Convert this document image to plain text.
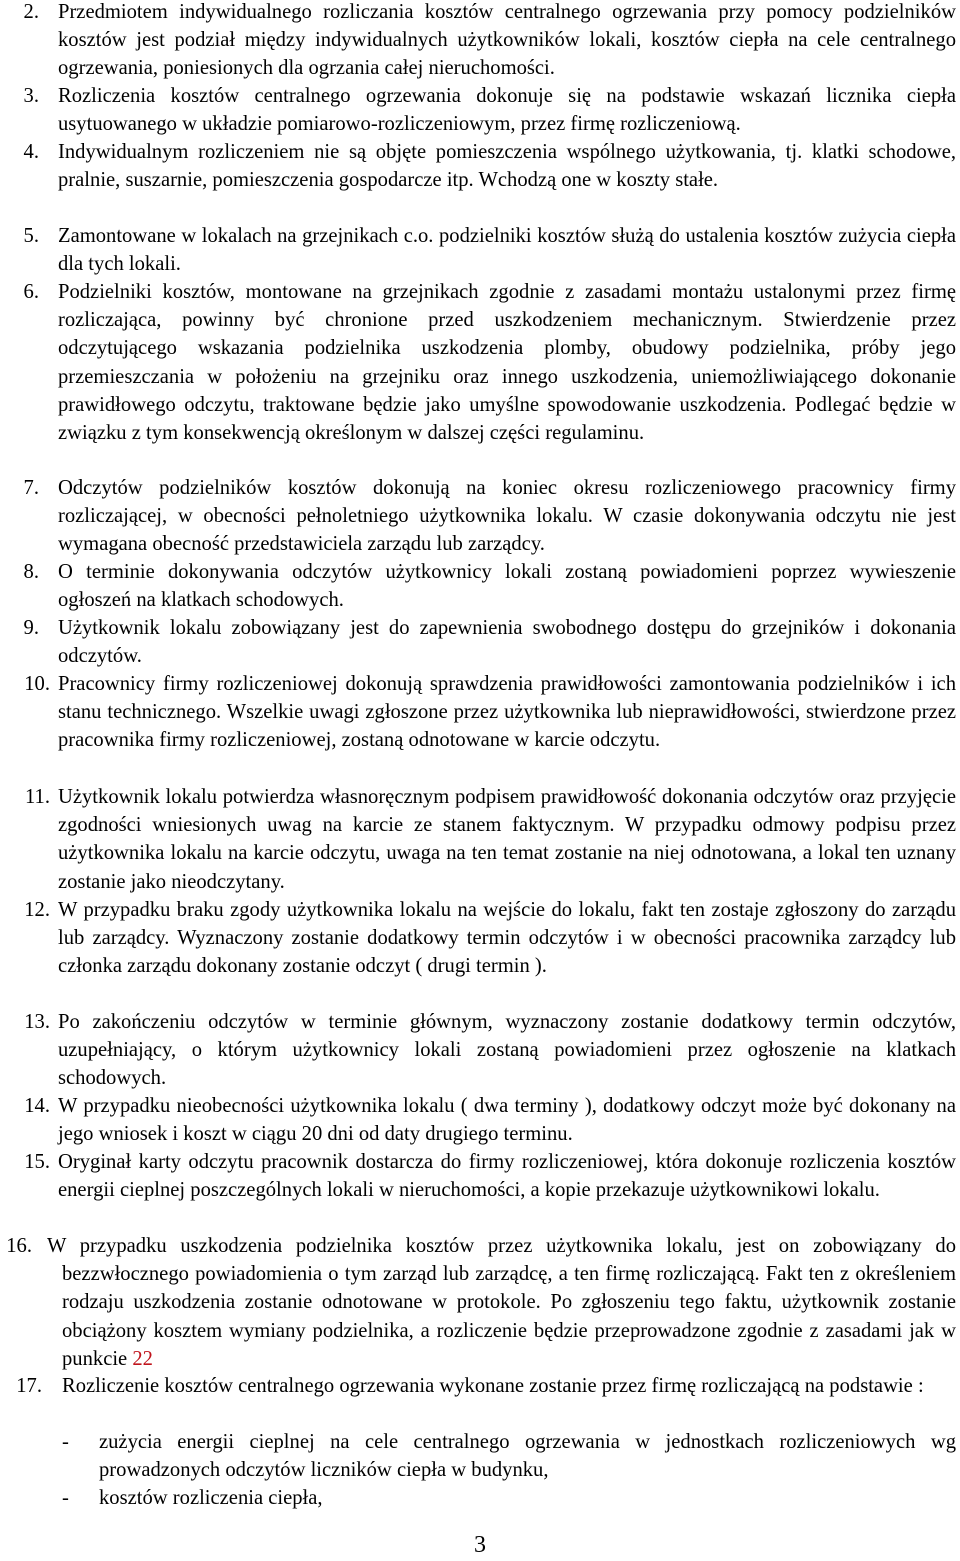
2. Przedmiotem indywidualnego rozliczania kosztów centralnego ogrzewania przy pomocy podzielników kosztów jest podział między indywidualnych użytkowników lokali, kosztów ciepła na cele centralnego ogrzewania, poniesionych dla ogrzania całej nieruchomości.
3. Rozliczenia kosztów centralnego ogrzewania dokonuje się na podstawie wskazań licznika ciepła usytuowanego w układzie pomiarowo-rozliczeniowym, przez firmę rozliczeniową.
4. Indywidualnym rozliczeniem nie są objęte pomieszczenia wspólnego użytkowania, tj. klatki schodowe, pralnie, suszarnie, pomieszczenia gospodarcze itp. Wchodzą one w koszty stałe.
5. Zamontowane w lokalach na grzejnikach c.o. podzielniki kosztów służą do ustalenia kosztów zużycia ciepła dla tych lokali.
6. Podzielniki kosztów, montowane na grzejnikach zgodnie z zasadami montażu ustalonymi przez firmę rozliczająca, powinny być chronione przed uszkodzeniem mechanicznym. Stwierdzenie przez odczytującego wskazania podzielnika uszkodzenia plomby, obudowy podzielnika, próby jego przemieszczania w położeniu na grzejniku oraz innego uszkodzenia, uniemożliwiającego dokonanie prawidłowego odczytu, traktowane będzie jako umyślne spowodowanie uszkodzenia. Podlegać będzie w związku z tym konsekwencją określonym w dalszej części regulaminu.
7. Odczytów podzielników kosztów dokonują na koniec okresu rozliczeniowego pracownicy firmy rozliczającej, w obecności pełnoletniego użytkownika lokalu. W czasie dokonywania odczytu nie jest wymagana obecność przedstawiciela zarządu lub zarządcy.
8. O terminie dokonywania odczytów użytkownicy lokali zostaną powiadomieni poprzez wywieszenie ogłoszeń na klatkach schodowych.
9. Użytkownik lokalu zobowiązany jest do zapewnienia swobodnego dostępu do grzejników i dokonania odczytów.
10. Pracownicy firmy rozliczeniowej dokonują sprawdzenia prawidłowości zamontowania podzielników i ich stanu technicznego. Wszelkie uwagi zgłoszone przez użytkownika lub nieprawidłowości, stwierdzone przez pracownika firmy rozliczeniowej, zostaną odnotowane w karcie odczytu.
11. Użytkownik lokalu potwierdza własnoręcznym podpisem prawidłowość dokonania odczytów oraz przyjęcie zgodności wniesionych uwag na karcie ze stanem faktycznym. W przypadku odmowy podpisu przez użytkownika lokalu na karcie odczytu, uwaga na ten temat zostanie na niej odnotowana, a lokal ten uznany zostanie jako nieodczytany.
12. W przypadku braku zgody użytkownika lokalu na wejście do lokalu, fakt ten zostaje zgłoszony do zarządu lub zarządcy. Wyznaczony zostanie dodatkowy termin odczytów i w obecności pracownika zarządcy lub członka zarządu dokonany zostanie odczyt ( drugi termin ).
13. Po zakończeniu odczytów w terminie głównym, wyznaczony zostanie dodatkowy termin odczytów, uzupełniający, o którym użytkownicy lokali zostaną powiadomieni przez ogłoszenie na klatkach schodowych.
14. W przypadku nieobecności użytkownika lokalu ( dwa terminy ), dodatkowy odczyt może być dokonany na jego wniosek i koszt w ciągu 20 dni od daty drugiego terminu.
15. Oryginał karty odczytu pracownik dostarcza do firmy rozliczeniowej, która dokonuje rozliczenia kosztów energii cieplnej poszczególnych lokali w nieruchomości, a kopie przekazuje użytkownikowi lokalu.
16. W przypadku uszkodzenia podzielnika kosztów przez użytkownika lokalu, jest on zobowiązany do bezzwłocznego powiadomienia o tym zarząd lub zarządcę, a ten firmę rozliczającą. Fakt ten z określeniem rodzaju uszkodzenia zostanie odnotowane w protokole. Po zgłoszeniu tego faktu, użytkownik zostanie obciążony kosztem wymiany podzielnika, a rozliczenie będzie przeprowadzone zgodnie z zasadami jak w punkcie 22
17. Rozliczenie kosztów centralnego ogrzewania wykonane zostanie przez firmę rozliczającą na podstawie :
- zużycia energii cieplnej na cele centralnego ogrzewania w jednostkach rozliczeniowych wg prowadzonych odczytów liczników ciepła w budynku,
- kosztów rozliczenia ciepła,
3
